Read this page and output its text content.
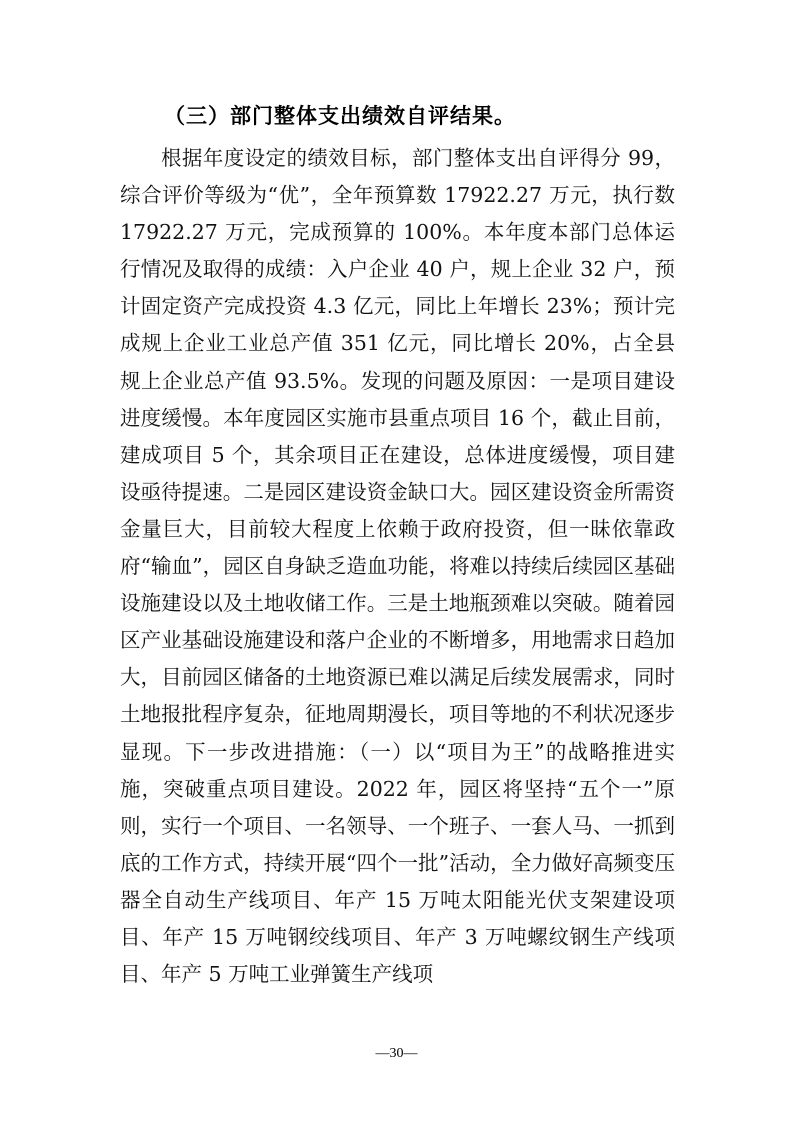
（三）部门整体支出绩效自评结果。

根据年度设定的绩效目标，部门整体支出自评得分 99，综合评价等级为“优”，全年预算数 17922.27 万元，执行数 17922.27 万元，完成预算的 100%。本年度本部门总体运行情况及取得的成绩：入户企业 40 户，规上企业 32 户，预计固定资产完成投资 4.3 亿元，同比上年增长 23%；预计完成规上企业工业总产值 351 亿元，同比增长 20%，占全县规上企业总产值 93.5%。发现的问题及原因：一是项目建设进度缓慢。本年度园区实施市县重点项目 16 个，截止目前，建成项目 5 个，其余项目正在建设，总体进度缓慢，项目建设亟待提速。二是园区建设资金缺口大。园区建设资金所需资金量巨大，目前较大程度上依赖于政府投资，但一昧依靠政府“输血”，园区自身缺乏造血功能，将难以持续后续园区基础设施建设以及土地收储工作。三是土地瓶颈难以突破。随着园区产业基础设施建设和落户企业的不断增多，用地需求日趋加大，目前园区储备的土地资源已难以满足后续发展需求，同时土地报批程序复杂，征地周期漫长，项目等地的不利状况逐步显现。下一步改进措施：（一）以“项目为王”的战略推进实施，突破重点项目建设。2022 年，园区将坚持“五个一”原则，实行一个项目、一名领导、一个班子、一套人马、一抓到底的工作方式，持续开展“四个一批”活动，全力做好高频变压器全自动生产线项目、年产 15 万吨太阳能光伏支架建设项目、年产 15 万吨钢绞线项目、年产 3 万吨螺纹钢生产线项目、年产 5 万吨工业弹簧生产线项

—30—
